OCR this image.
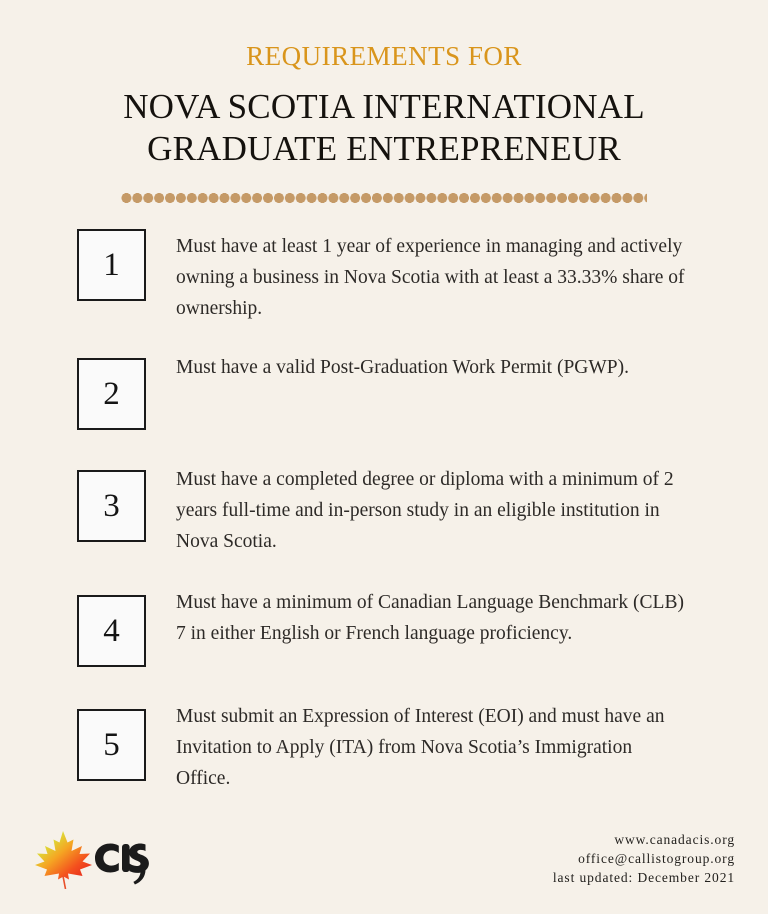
REQUIREMENTS FOR
NOVA SCOTIA INTERNATIONAL
GRADUATE ENTREPRENEUR
1	Must have at least 1 year of experience in managing and actively owning a business in Nova Scotia with at least a 33.33% share of ownership.
2
Must have a valid Post-Graduation Work Permit (PGWP).
3
Must have a completed degree or diploma with a minimum of 2 years full-time and in-person study in an eligible institution in Nova Scotia.
4
Must have a minimum of Canadian Language Benchmark (CLB) 7 in either English or French language proficiency.
5
Must submit an Expression of Interest (EOI) and must have an Invitation to Apply (ITA) from Nova Scotia’s Immigration Office.
www.canadacis.org
office@callistogroup.org
last updated: December 2021
